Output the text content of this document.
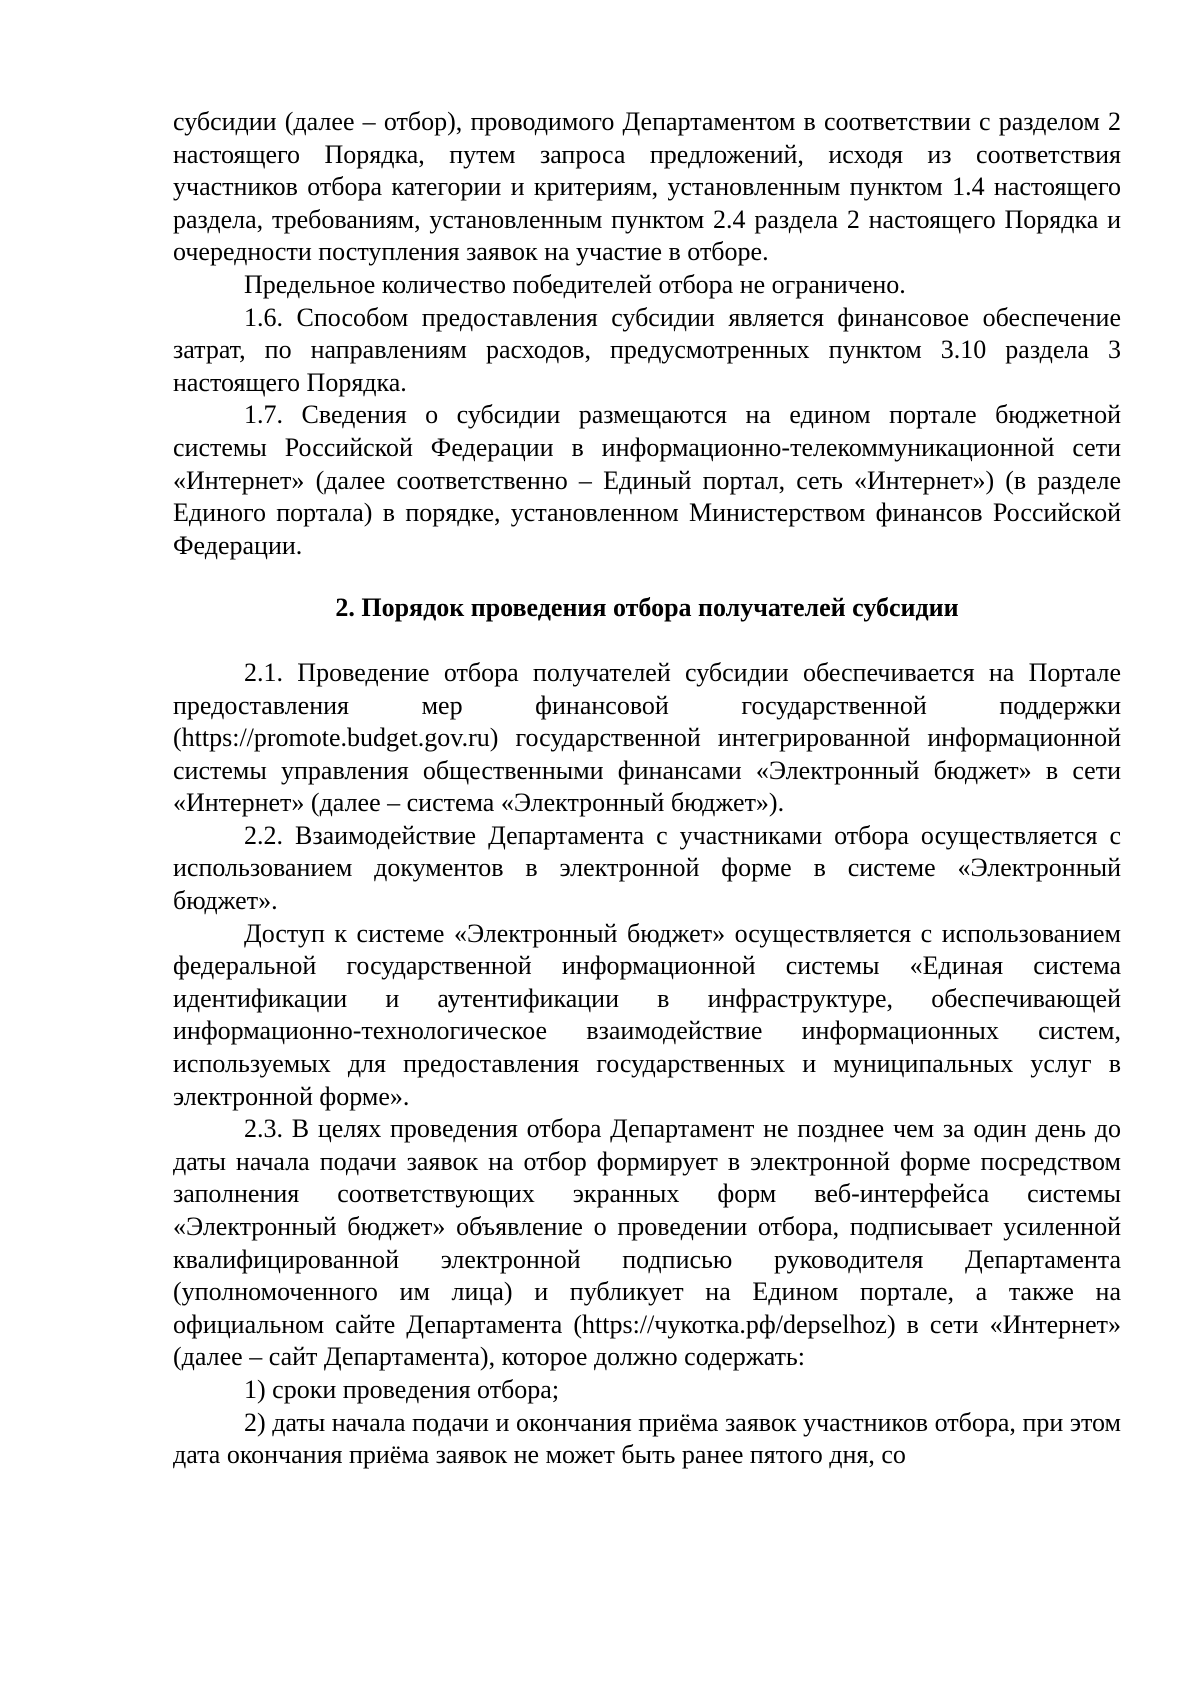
субсидии (далее – отбор), проводимого Департаментом в соответствии с разделом 2 настоящего Порядка, путем запроса предложений, исходя из соответствия участников отбора категории и критериям, установленным пунктом 1.4 настоящего раздела, требованиям, установленным пунктом 2.4 раздела 2 настоящего Порядка и очередности поступления заявок на участие в отборе.

Предельное количество победителей отбора не ограничено.

1.6. Способом предоставления субсидии является финансовое обеспечение затрат, по направлениям расходов, предусмотренных пунктом 3.10 раздела 3 настоящего Порядка.

1.7. Сведения о субсидии размещаются на едином портале бюджетной системы Российской Федерации в информационно-телекоммуникационной сети «Интернет» (далее соответственно – Единый портал, сеть «Интернет») (в разделе Единого портала) в порядке, установленном Министерством финансов Российской Федерации.

2. Порядок проведения отбора получателей субсидии

2.1. Проведение отбора получателей субсидии обеспечивается на Портале предоставления мер финансовой государственной поддержки (https://promote.budget.gov.ru) государственной интегрированной информационной системы управления общественными финансами «Электронный бюджет» в сети «Интернет» (далее – система «Электронный бюджет»).

2.2. Взаимодействие Департамента с участниками отбора осуществляется с использованием документов в электронной форме в системе «Электронный бюджет».

Доступ к системе «Электронный бюджет» осуществляется с использованием федеральной государственной информационной системы «Единая система идентификации и аутентификации в инфраструктуре, обеспечивающей информационно-технологическое взаимодействие информационных систем, используемых для предоставления государственных и муниципальных услуг в электронной форме».

2.3. В целях проведения отбора Департамент не позднее чем за один день до даты начала подачи заявок на отбор формирует в электронной форме посредством заполнения соответствующих экранных форм веб-интерфейса системы «Электронный бюджет» объявление о проведении отбора, подписывает усиленной квалифицированной электронной подписью руководителя Департамента (уполномоченного им лица) и публикует на Едином портале, а также на официальном сайте Департамента (https://чукотка.рф/depselhoz) в сети «Интернет» (далее – сайт Департамента), которое должно содержать:

1) сроки проведения отбора;

2) даты начала подачи и окончания приёма заявок участников отбора, при этом дата окончания приёма заявок не может быть ранее пятого дня, со
